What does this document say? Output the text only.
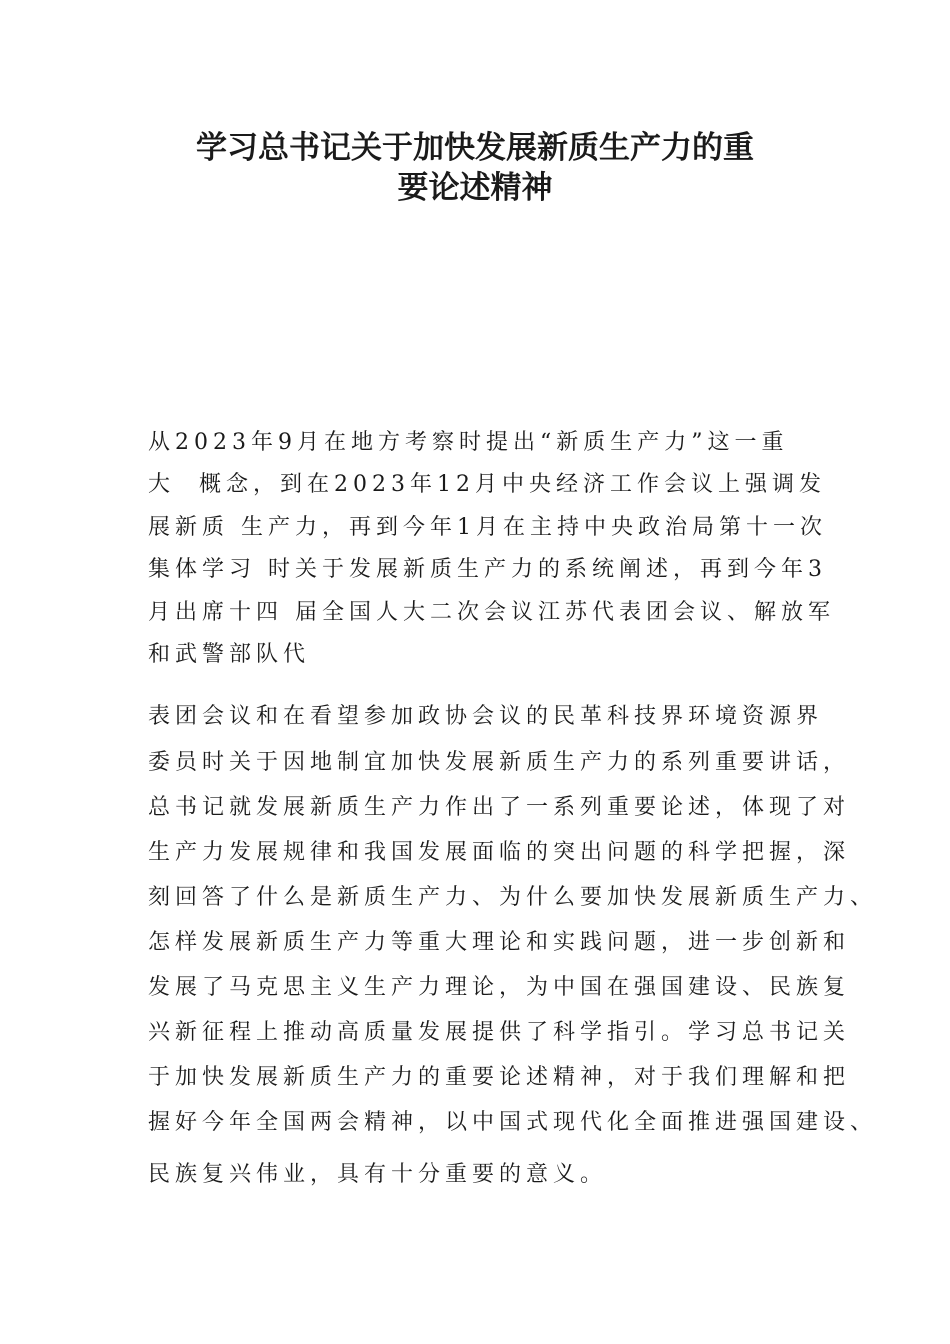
学习总书记关于加快发展新质生产力的重
要论述精神

从2023年9月在地方考察时提出“新质生产力”这一重

大  概念，到在2023年12月中央经济工作会议上强调发

展新质 生产力，再到今年1月在主持中央政治局第十一次

集体学习 时关于发展新质生产力的系统阐述，再到今年3

月出席十四 届全国人大二次会议江苏代表团会议、解放军

和武警部队代

表团会议和在看望参加政协会议的民革科技界环境资源界

委员时关于因地制宜加快发展新质生产力的系列重要讲话，

总书记就发展新质生产力作出了一系列重要论述，体现了对

生产力发展规律和我国发展面临的突出问题的科学把握，深

刻回答了什么是新质生产力、为什么要加快发展新质生产力、

怎样发展新质生产力等重大理论和实践问题，进一步创新和

发展了马克思主义生产力理论，为中国在强国建设、民族复

兴新征程上推动高质量发展提供了科学指引。学习总书记关

于加快发展新质生产力的重要论述精神，对于我们理解和把

握好今年全国两会精神，以中国式现代化全面推进强国建设、

民族复兴伟业，具有十分重要的意义。
